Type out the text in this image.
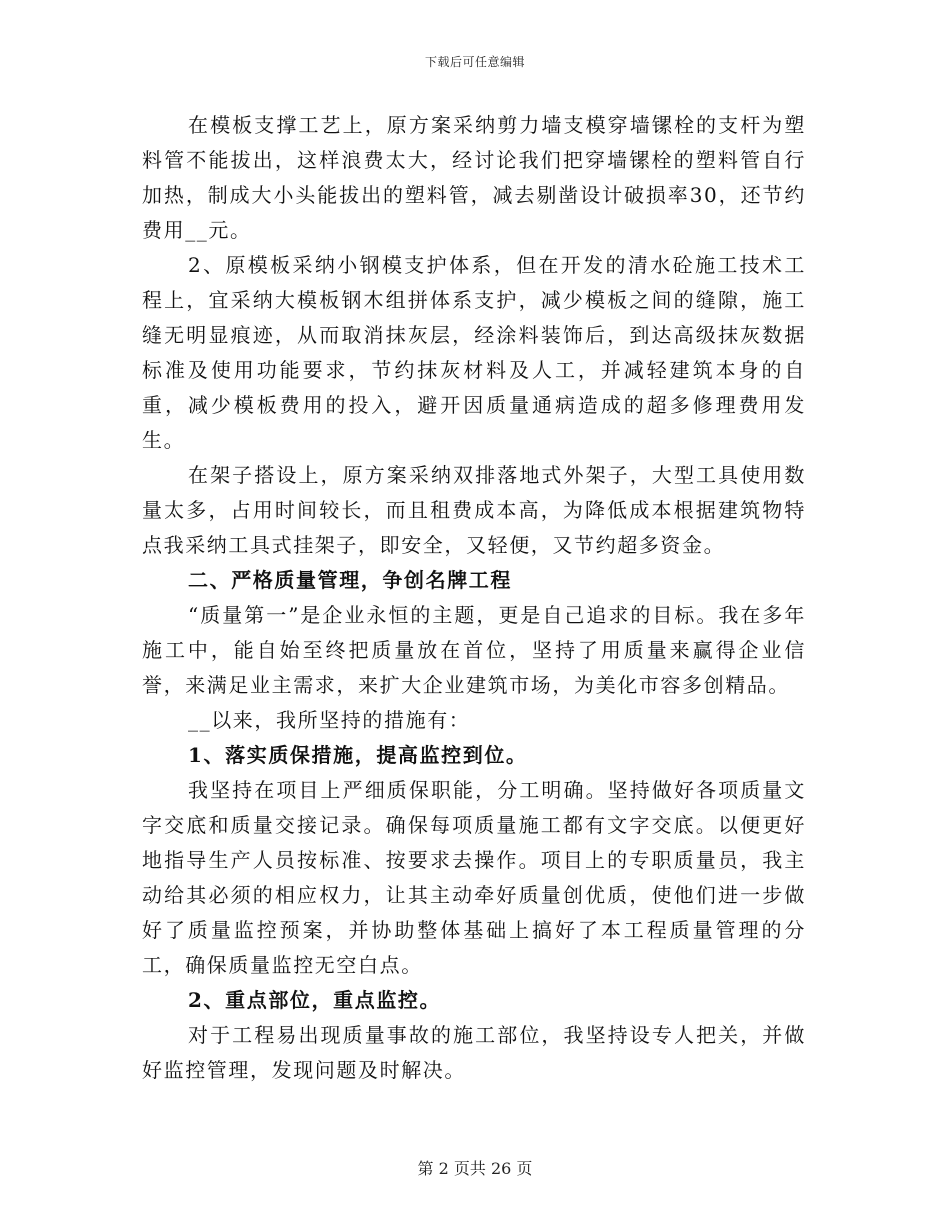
下载后可任意编辑

在模板支撑工艺上，原方案采纳剪力墙支模穿墙镙栓的支杆为塑料管不能拔出，这样浪费太大，经讨论我们把穿墙镙栓的塑料管自行加热，制成大小头能拔出的塑料管，减去剔凿设计破损率30，还节约费用__元。

2、原模板采纳小钢模支护体系，但在开发的清水砼施工技术工程上，宜采纳大模板钢木组拼体系支护，减少模板之间的缝隙，施工缝无明显痕迹，从而取消抹灰层，经涂料装饰后，到达高级抹灰数据标准及使用功能要求，节约抹灰材料及人工，并减轻建筑本身的自重，减少模板费用的投入，避开因质量通病造成的超多修理费用发生。

在架子搭设上，原方案采纳双排落地式外架子，大型工具使用数量太多，占用时间较长，而且租费成本高，为降低成本根据建筑物特点我采纳工具式挂架子，即安全，又轻便，又节约超多资金。

二、严格质量管理，争创名牌工程

“质量第一”是企业永恒的主题，更是自己追求的目标。我在多年施工中，能自始至终把质量放在首位，坚持了用质量来赢得企业信誉，来满足业主需求，来扩大企业建筑市场，为美化市容多创精品。

__以来，我所坚持的措施有：

1、落实质保措施，提高监控到位。

我坚持在项目上严细质保职能，分工明确。坚持做好各项质量文字交底和质量交接记录。确保每项质量施工都有文字交底。以便更好地指导生产人员按标准、按要求去操作。项目上的专职质量员，我主动给其必须的相应权力，让其主动牵好质量创优质，使他们进一步做好了质量监控预案，并协助整体基础上搞好了本工程质量管理的分工，确保质量监控无空白点。

2、重点部位，重点监控。

对于工程易出现质量事故的施工部位，我坚持设专人把关，并做好监控管理，发现问题及时解决。

第 2 页共 26 页
